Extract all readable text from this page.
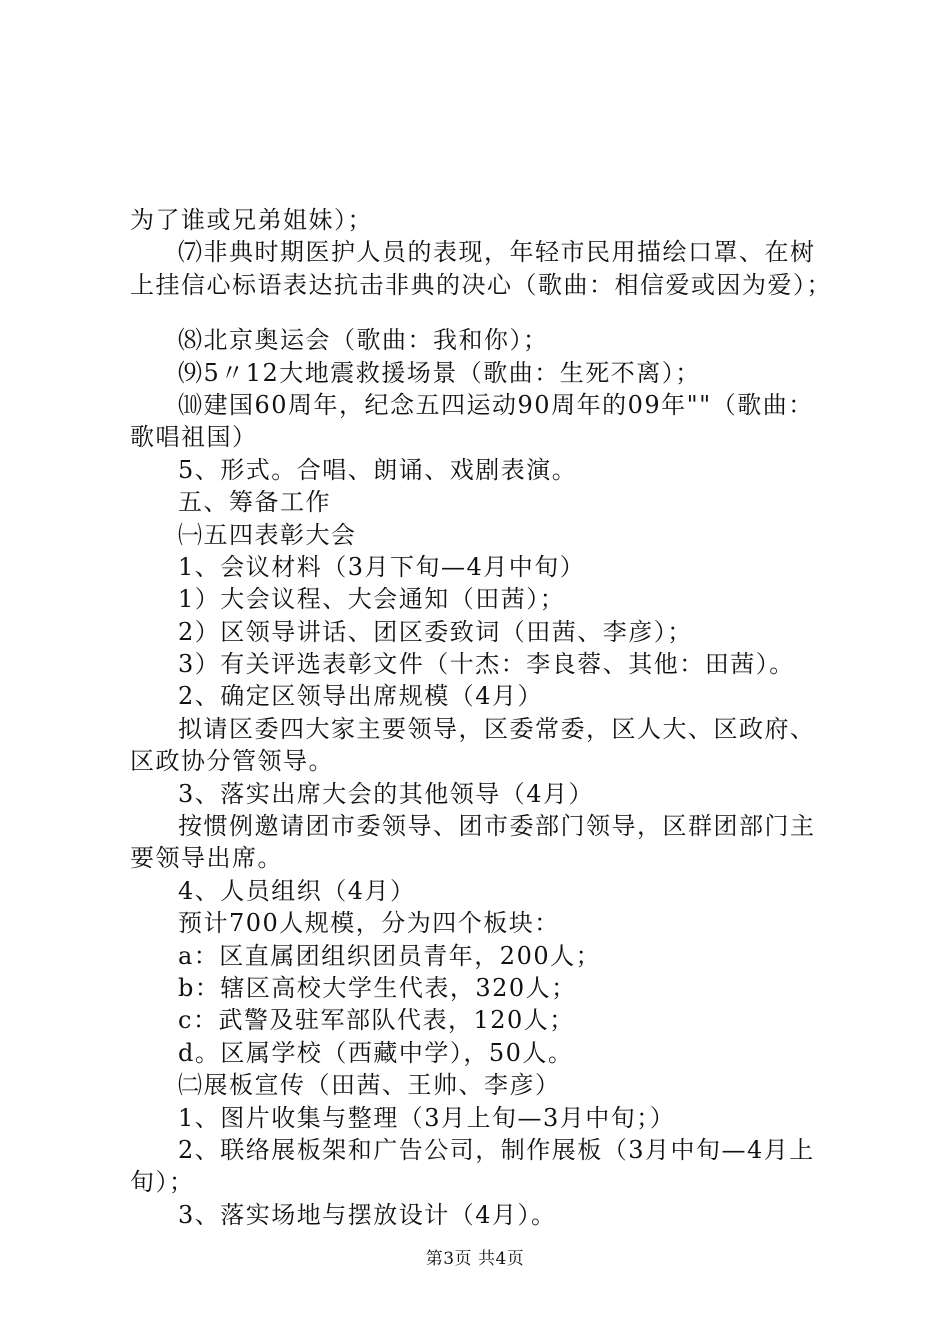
为了谁或兄弟姐妹）；
⑺非典时期医护人员的表现，年轻市民用描绘口罩、在树
上挂信心标语表达抗击非典的决心（歌曲：相信爱或因为爱）；
⑻北京奥运会（歌曲：我和你）；
⑼5〃12大地震救援场景（歌曲：生死不离）；
⑽建国60周年，纪念五四运动90周年的09年""（歌曲：
歌唱祖国）
5、形式。合唱、朗诵、戏剧表演。
五、筹备工作
㈠五四表彰大会
1、会议材料（3月下旬—4月中旬）
1）大会议程、大会通知（田茜）；
2）区领导讲话、团区委致词（田茜、李彦）；
3）有关评选表彰文件（十杰：李良蓉、其他：田茜）。
2、确定区领导出席规模（4月）
拟请区委四大家主要领导，区委常委，区人大、区政府、
区政协分管领导。
3、落实出席大会的其他领导（4月）
按惯例邀请团市委领导、团市委部门领导，区群团部门主
要领导出席。
4、人员组织（4月）
预计700人规模，分为四个板块：
a：区直属团组织团员青年，200人；
b：辖区高校大学生代表，320人；
c：武警及驻军部队代表，120人；
d。区属学校（西藏中学），50人。
㈡展板宣传（田茜、王帅、李彦）
1、图片收集与整理（3月上旬—3月中旬；）
2、联络展板架和广告公司，制作展板（3月中旬—4月上
旬）；
3、落实场地与摆放设计（4月）。
第3页 共4页
